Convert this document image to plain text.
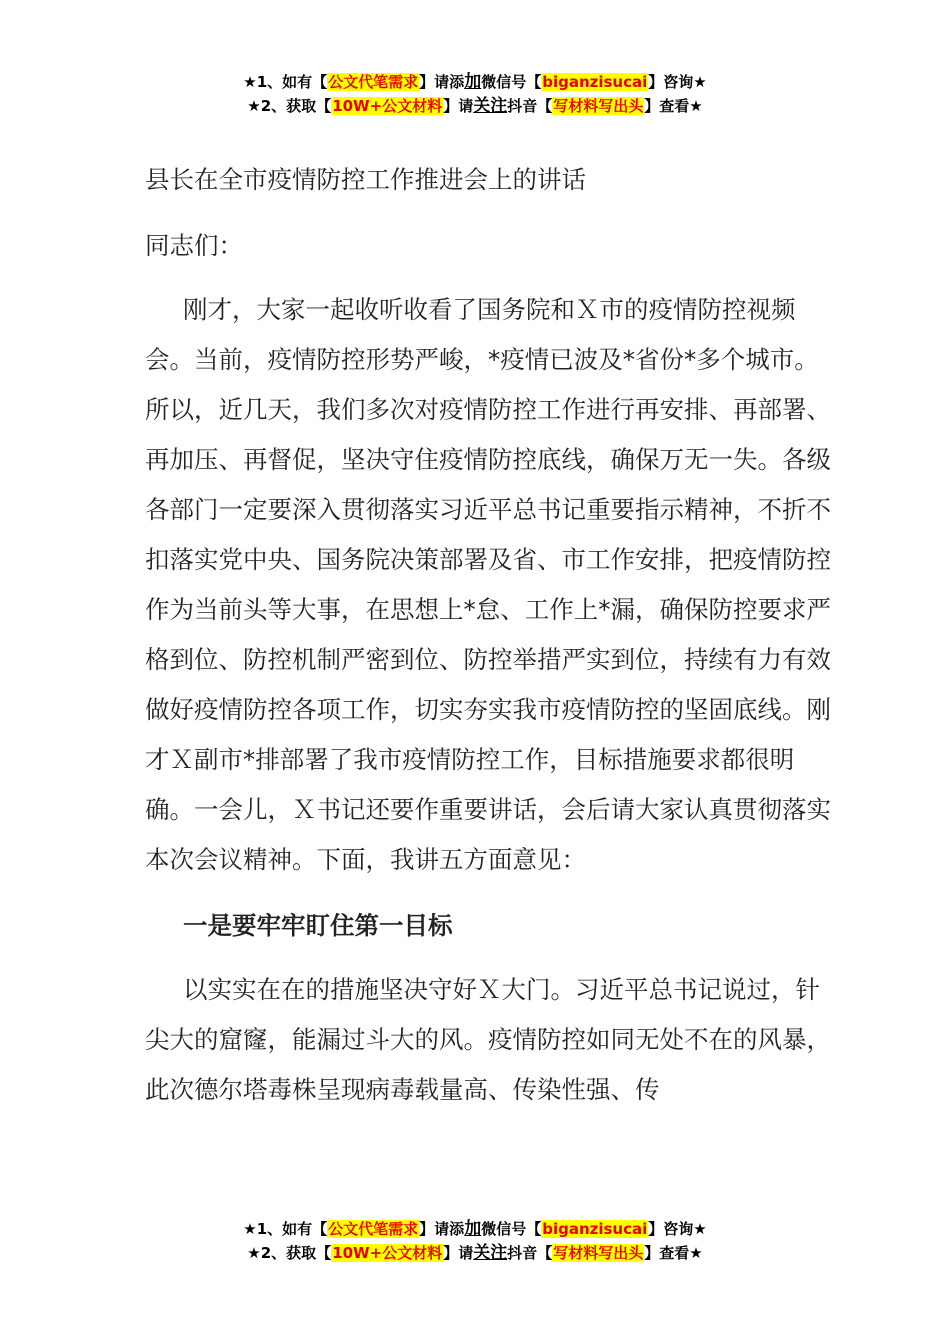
★1、如有【公文代笔需求】请添加微信号【biganzisucai】咨询★
★2、获取【10W+公文材料】请关注抖音【写材料写出头】查看★

县长在全市疫情防控工作推进会上的讲话

同志们：

刚才，大家一起收听收看了国务院和Ｘ市的疫情防控视频会。当前，疫情防控形势严峻，*疫情已波及*省份*多个城市。所以，近几天，我们多次对疫情防控工作进行再安排、再部署、再加压、再督促，坚决守住疫情防控底线，确保万无一失。各级各部门一定要深入贯彻落实习近平总书记重要指示精神，不折不扣落实党中央、国务院决策部署及省、市工作安排，把疫情防控作为当前头等大事，在思想上*怠、工作上*漏，确保防控要求严格到位、防控机制严密到位、防控举措严实到位，持续有力有效做好疫情防控各项工作，切实夯实我市疫情防控的坚固底线。刚才Ｘ副市*排部署了我市疫情防控工作，目标措施要求都很明确。一会儿，Ｘ书记还要作重要讲话，会后请大家认真贯彻落实本次会议精神。下面，我讲五方面意见：

一是要牢牢盯住第一目标

以实实在在的措施坚决守好Ｘ大门。习近平总书记说过，针尖大的窟窿，能漏过斗大的风。疫情防控如同无处不在的风暴，此次德尔塔毒株呈现病毒载量高、传染性强、传

★1、如有【公文代笔需求】请添加微信号【biganzisucai】咨询★
★2、获取【10W+公文材料】请关注抖音【写材料写出头】查看★
